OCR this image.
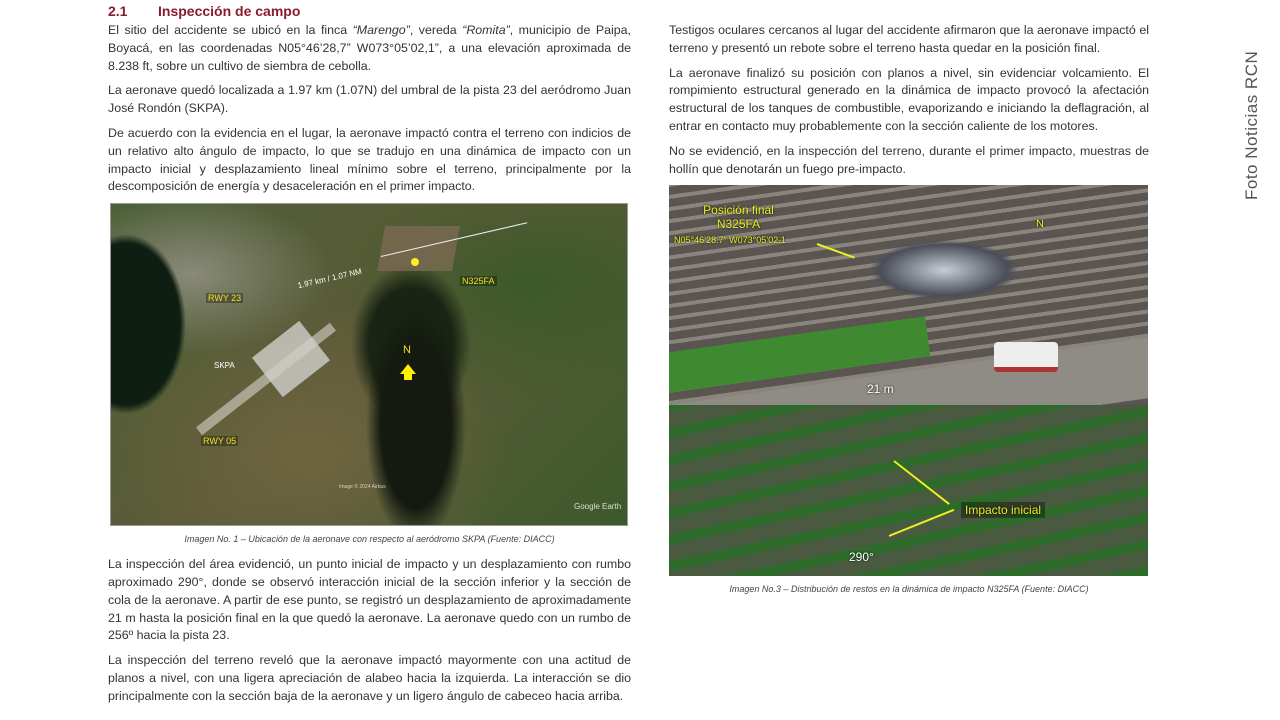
2.1	Inspección de campo

El sitio del accidente se ubicó en la finca “Marengo”, vereda “Romita”, municipio de Paipa, Boyacá, en las coordenadas N05°46’28,7” W073°05’02,1”, a una elevación aproximada de 8.238 ft, sobre un cultivo de siembra de cebolla.

La aeronave quedó localizada a 1.97 km (1.07N) del umbral de la pista 23 del aeródromo Juan José Rondón (SKPA).

De acuerdo con la evidencia en el lugar, la aeronave impactó contra el terreno con indicios de un relativo alto ángulo de impacto, lo que se tradujo en una dinámica de impacto con un impacto inicial y desplazamiento lineal mínimo sobre el terreno, principalmente por la descomposición de energía y desaceleración en el primer impacto.

1.97 km / 1.07 NM	N325FA
RWY 23
SKPA
RWY 05
N
Image © 2024 Airbus
Google Earth
Imagen No. 1 – Ubicación de la aeronave con respecto al aeródromo SKPA (Fuente: DIACC)

La inspección del área evidenció, un punto inicial de impacto y un desplazamiento con rumbo aproximado 290°, donde se observó interacción inicial de la sección inferior y la sección de cola de la aeronave. A partir de ese punto, se registró un desplazamiento de aproximadamente 21 m hasta la posición final en la que quedó la aeronave. La aeronave quedo con un rumbo de 256º hacia la pista 23.

La inspección del terreno reveló que la aeronave impactó mayormente con una actitud de planos a nivel, con una ligera apreciación de alabeo hacia la izquierda. La interacción se dio principalmente con la sección baja de la aeronave y un ligero ángulo de cabeceo hacia arriba.

Testigos oculares cercanos al lugar del accidente afirmaron que la aeronave impactó el terreno y presentó un rebote sobre el terreno hasta quedar en la posición final.

La aeronave finalizó su posición con planos a nivel, sin evidenciar volcamiento. El rompimiento estructural generado en la dinámica de impacto provocó la afectación estructural de los tanques de combustible, evaporizando e iniciando la deflagración, al entrar en contacto muy probablemente con la sección caliente de los motores.

No se evidenció, en la inspección del terreno, durante el primer impacto, muestras de hollín que denotarán un fuego pre-impacto.

Posición final
N325FA
N05°46’28.7” W073°05’02.1
N
21 m
Impacto inicial
290°
Imagen No.3 – Distribución de restos en la dinámica de impacto N325FA (Fuente: DIACC)
Foto Noticias RCN
